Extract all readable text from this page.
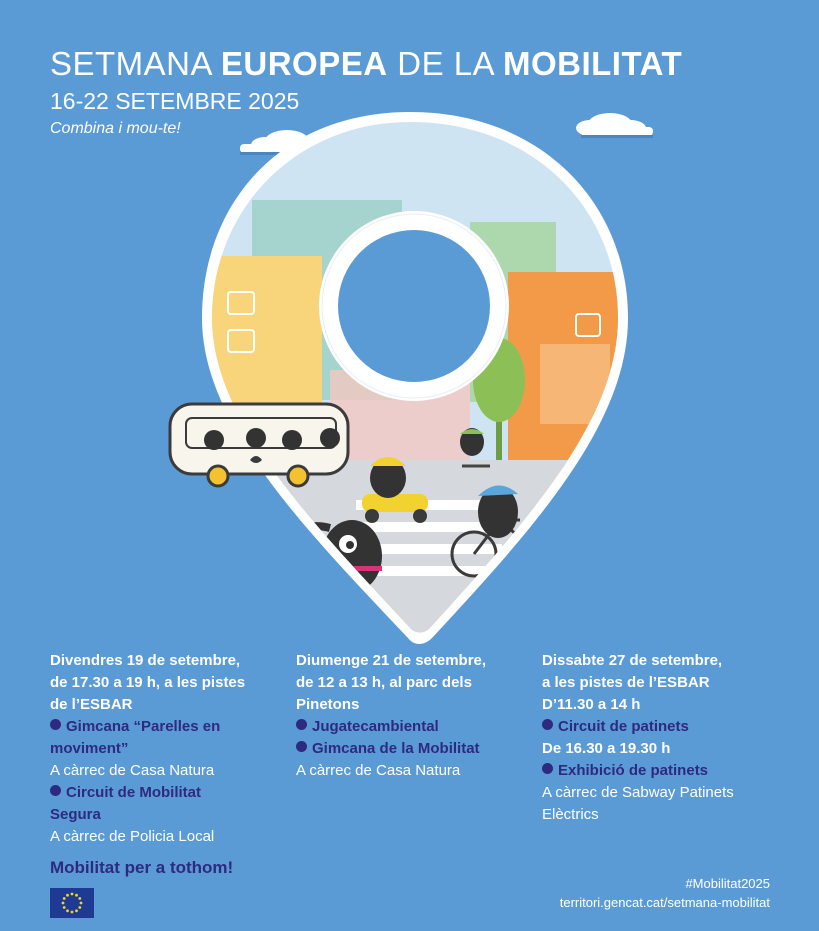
SETMANA EUROPEA DE LA MOBILITAT
16-22 SETEMBRE 2025
Combina i mou-te!
Divendres 19 de setembre,
de 17.30 a 19 h, a les pistes
de l’ESBAR
Gimcana “Parelles en
moviment”
A càrrec de Casa Natura
Circuit de Mobilitat
Segura
A càrrec de Policia Local
Diumenge 21 de setembre,
de 12 a 13 h, al parc dels
Pinetons
Jugatecambiental
Gimcana de la Mobilitat
A càrrec de Casa Natura
Dissabte 27 de setembre,
a les pistes de l’ESBAR
D’11.30 a 14 h
Circuit de patinets
De 16.30 a 19.30 h
Exhibició de patinets
A càrrec de Sabway Patinets
Elèctrics
Mobilitat per a tothom!
#Mobilitat2025
territori.gencat.cat/setmana-mobilitat
